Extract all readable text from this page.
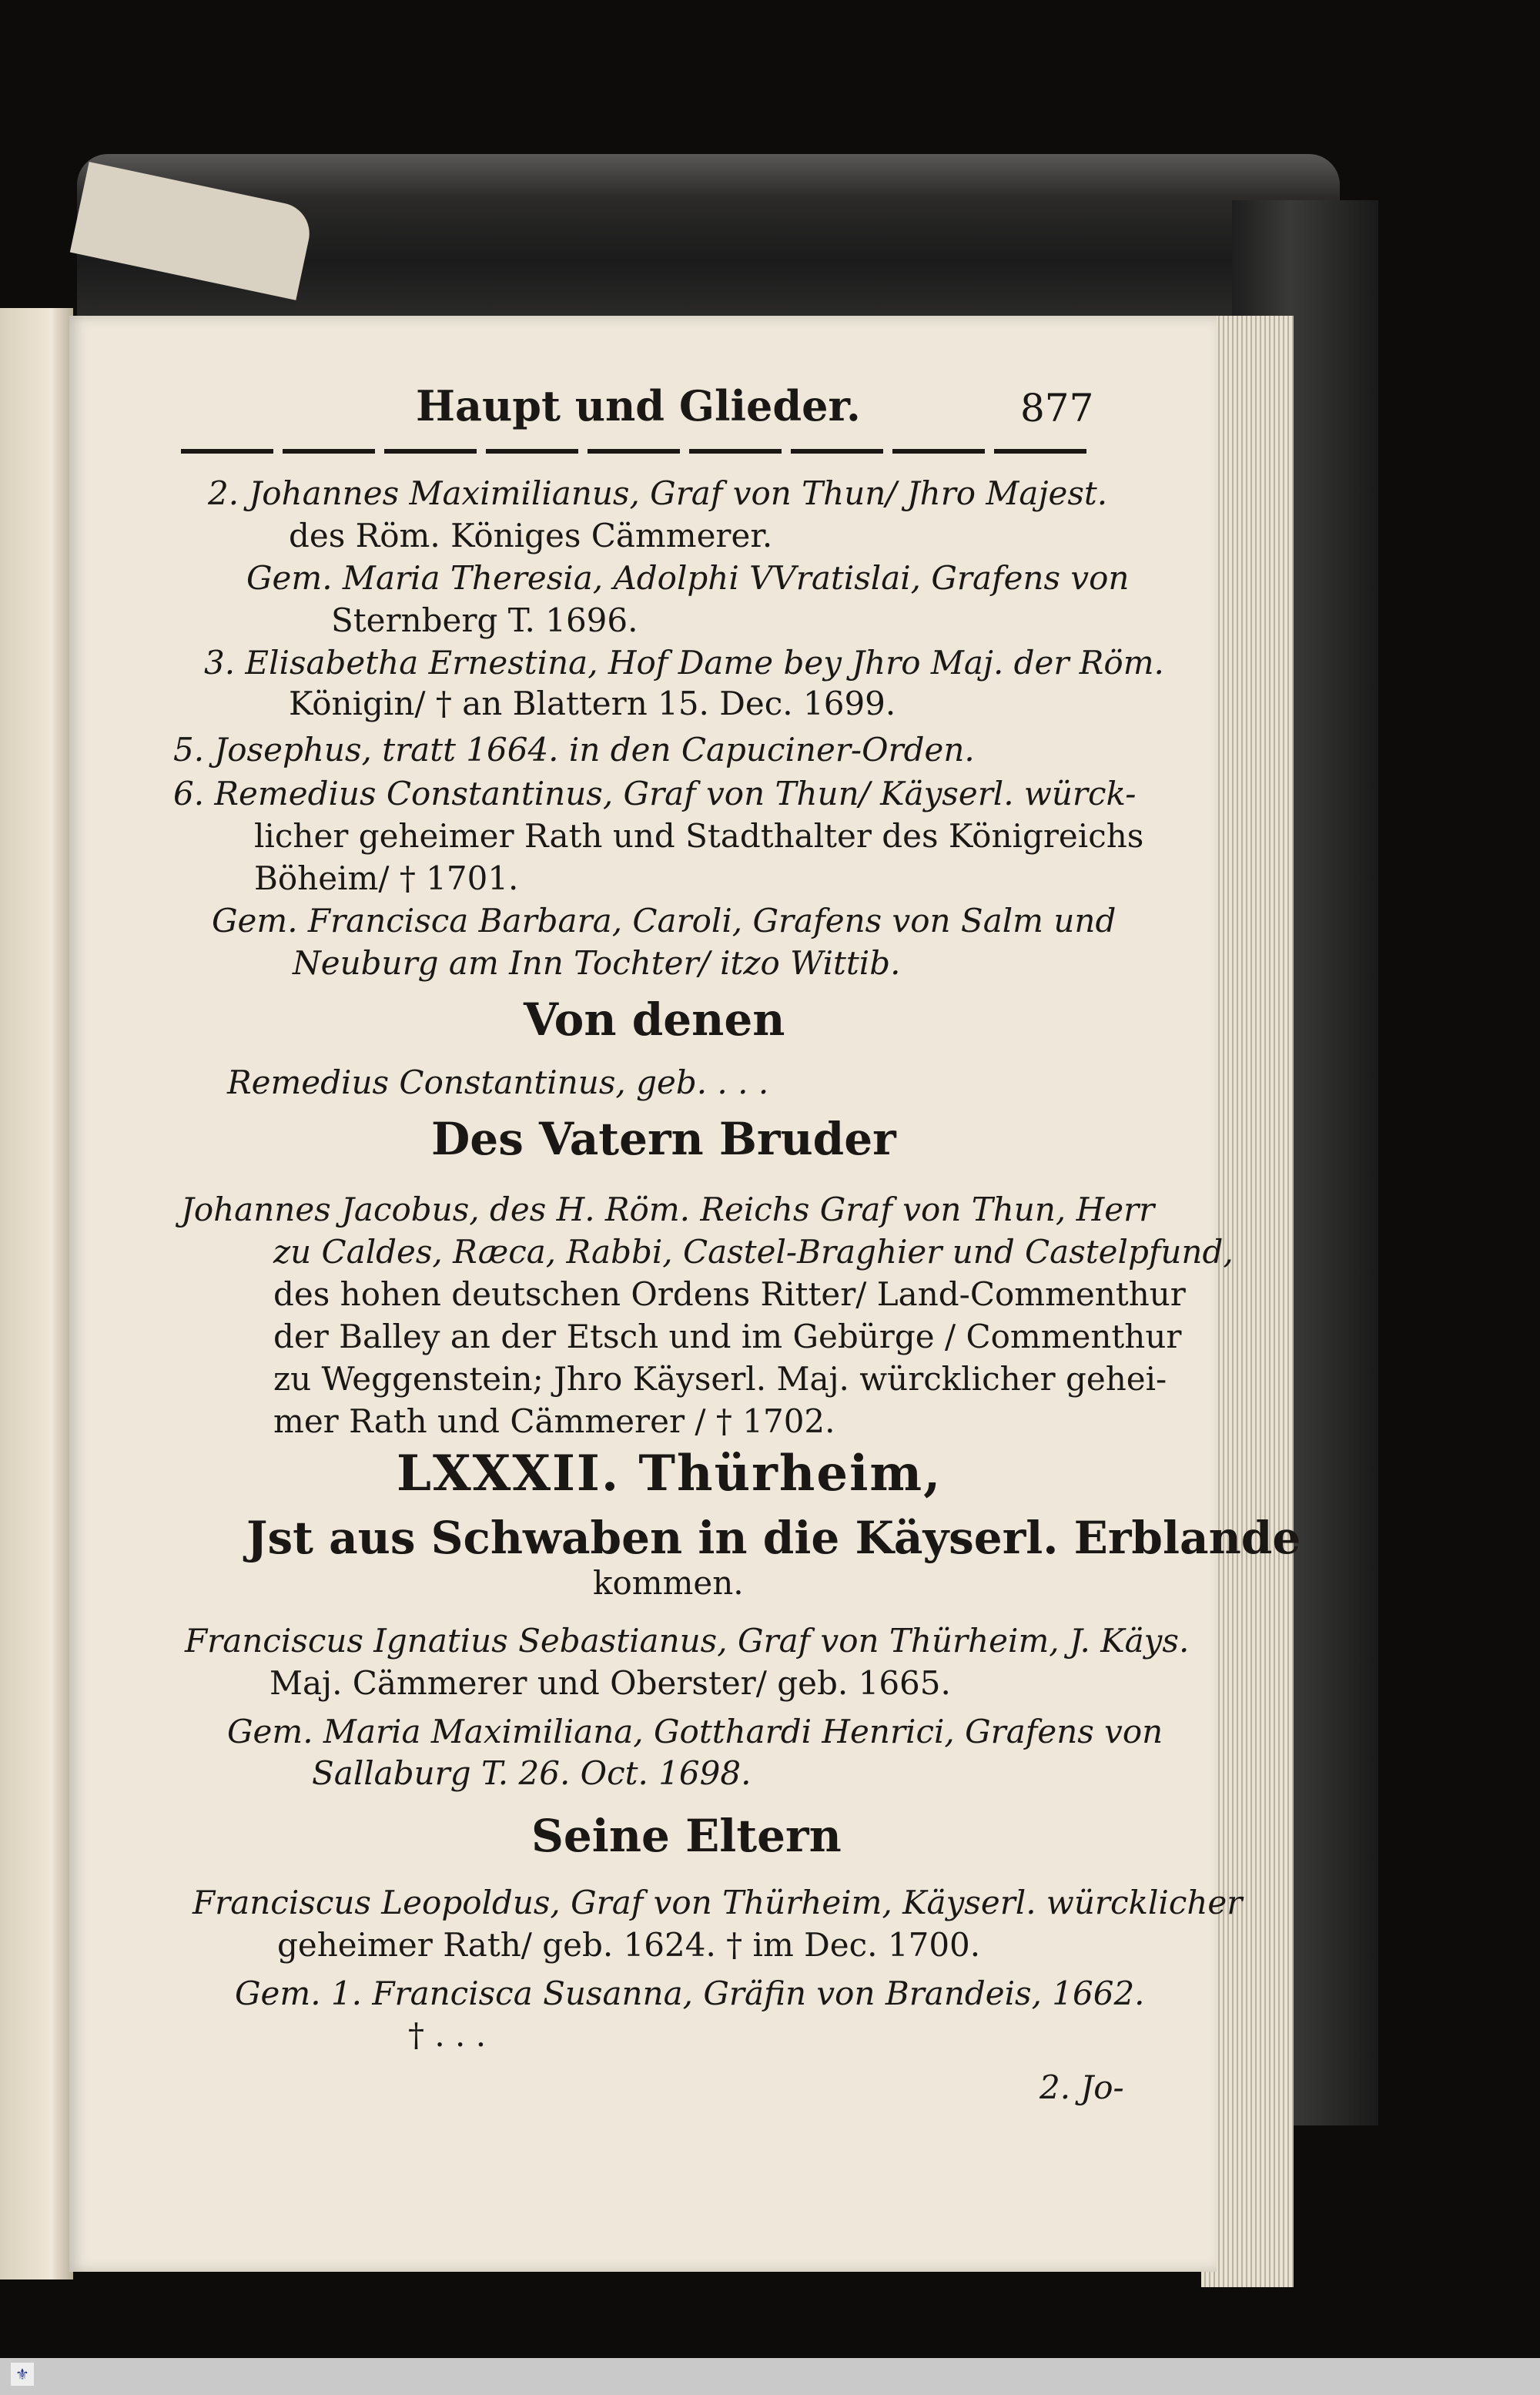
Haupt und Glieder.	877
2. Johannes Maximilianus, Graf von Thun/ Jhro Majest.
des Röm. Königes Cämmerer.
Gem. Maria Theresia, Adolphi VVratislai, Grafens von
Sternberg T. 1696.
3. Elisabetha Ernestina, Hof Dame bey Jhro Maj. der Röm.
Königin/ † an Blattern 15. Dec. 1699.
5. Josephus, tratt 1664. in den Capuciner-Orden.
6. Remedius Constantinus, Graf von Thun/ Käyserl. würck-
licher geheimer Rath und Stadthalter des Königreichs
Böheim/ † 1701.
Gem. Francisca Barbara, Caroli, Grafens von Salm und
Neuburg am Inn Tochter/ itzo Wittib.
Von denen
Remedius Constantinus, geb. . . .
Des Vatern Bruder
Johannes Jacobus, des H. Röm. Reichs Graf von Thun, Herr
zu Caldes, Ræca, Rabbi, Castel-Braghier und Castelpfund,
des hohen deutschen Ordens Ritter/ Land-Commenthur
der Balley an der Etsch und im Gebürge / Commenthur
zu Weggenstein; Jhro Käyserl. Maj. würcklicher gehei-
mer Rath und Cämmerer / † 1702.
LXXXII. Thürheim,
Jst aus Schwaben in die Käyserl. Erblande
kommen.
Franciscus Ignatius Sebastianus, Graf von Thürheim, J. Käys.
Maj. Cämmerer und Oberster/ geb. 1665.
Gem. Maria Maximiliana, Gotthardi Henrici, Grafens von
Sallaburg T. 26. Oct. 1698.
Seine Eltern
Franciscus Leopoldus, Graf von Thürheim, Käyserl. würcklicher
geheimer Rath/ geb. 1624. † im Dec. 1700.
Gem. 1. Francisca Susanna, Gräfin von Brandeis, 1662.
† . . .
2. Jo-
⚜
